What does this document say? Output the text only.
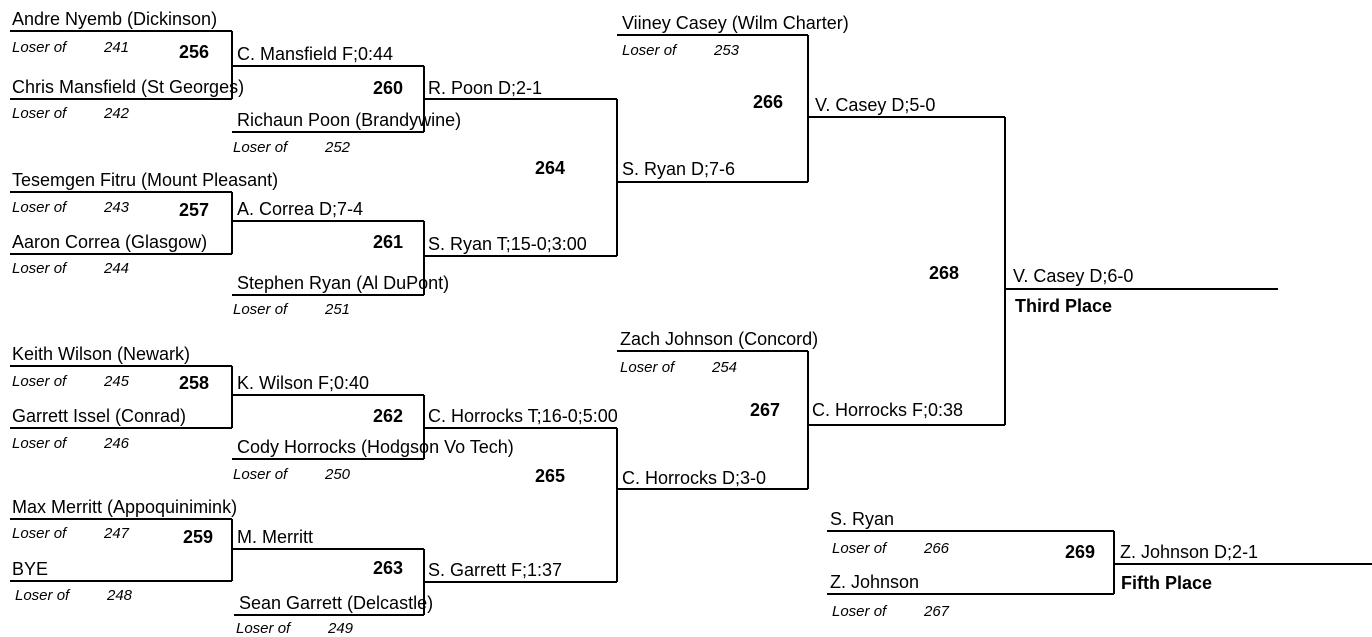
Andre Nyemb (Dickinson)
Loser of	241
Chris Mansfield (St Georges)
Loser of	242	Richaun Poon (Brandywine)
Loser of	252
Tesemgen Fitru (Mount Pleasant)
Loser of	243
Aaron Correa (Glasgow)
Loser of	244
Stephen Ryan (Al DuPont)
Loser of	251
Viiney Casey (Wilm Charter)
Loser of	253
Zach Johnson (Concord)
Loser of	254
Keith Wilson (Newark)
Loser of	245
Garrett Issel (Conrad)
Loser of	246	Cody Horrocks (Hodgson Vo Tech)
Loser of	250
Max Merritt (Appoquinimink)
Loser of	247
BYE
Loser of	248	Sean Garrett (Delcastle)
Loser of	249
S. Ryan
Loser of	266
Z. Johnson
Loser of	267
256 C. Mansfield F;0:44
257 A. Correa D;7-4
258 K. Wilson F;0:40
259 M. Merritt
260 R. Poon D;2-1
261 S. Ryan T;15-0;3:00
262 C. Horrocks T;16-0;5:00
263 S. Garrett F;1:37
264	S. Ryan D;7-6
265	C. Horrocks D;3-0
266 V. Casey D;5-0
267 C. Horrocks F;0:38
268	V. Casey D;6-0
269 Z. Johnson D;2-1
Third Place
Fifth Place
